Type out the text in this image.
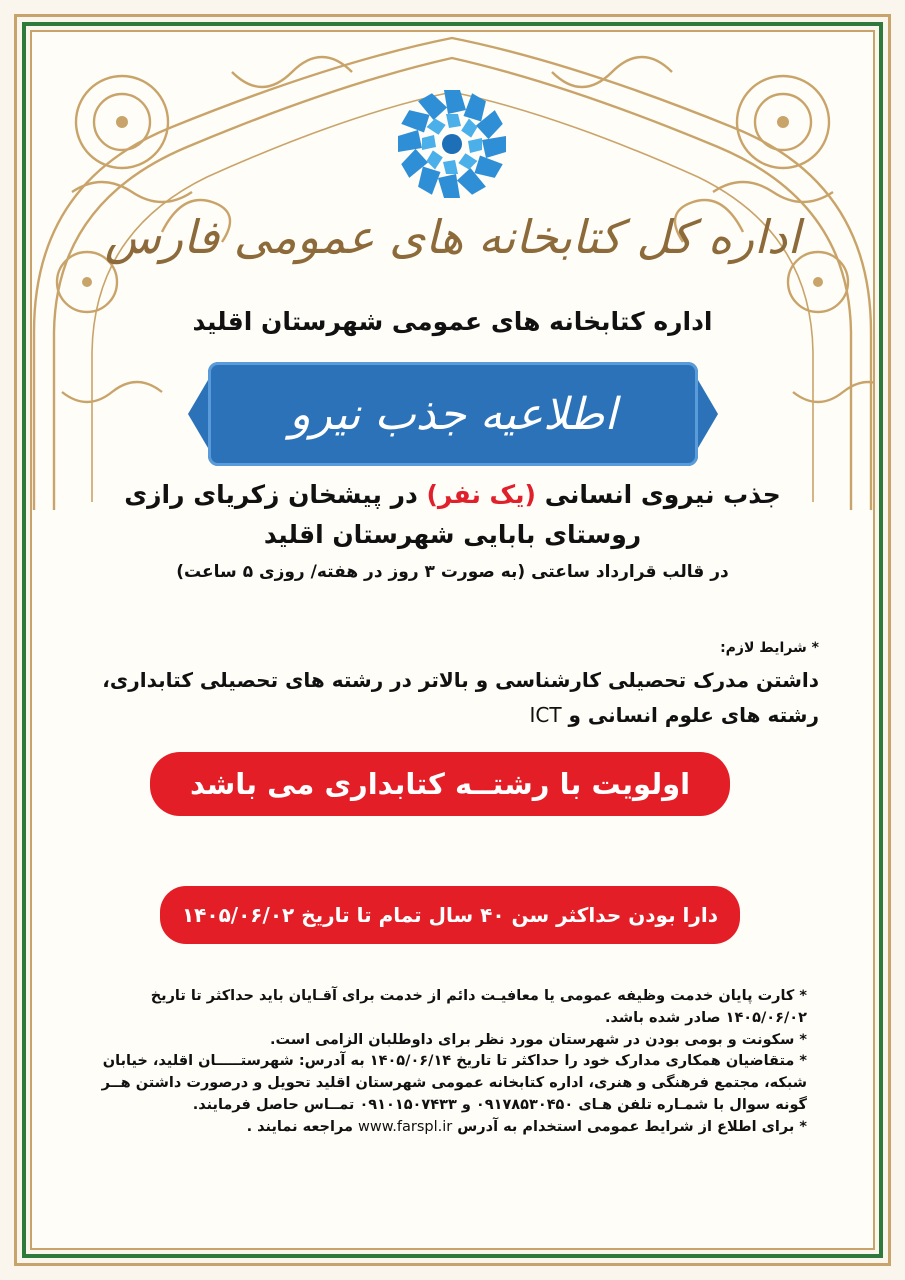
اداره کل کتابخانه های عمومی فارس
اداره کتابخانه های عمومی شهرستان اقلید
اطلاعیه جذب نیرو
جذب نیروی انسانی (یک نفر) در پیشخان زکریای رازی
روستای بابایی شهرستان اقلید
در قالب قرارداد ساعتی (به صورت ۳ روز در هفته/ روزی ۵ ساعت)
* شرایط لازم:
داشتن مدرک تحصیلی کارشناسی و بالاتر در رشته های تحصیلی کتابداری،
رشته های علوم انسانی و ICT
اولویت با رشتــه کتابداری می باشد
دارا بودن حداکثر سن ۴۰ سال تمام تا تاریخ ۱۴۰۵/۰۶/۰۲

* کارت پایان خدمت وظیفه عمومی یا معافیـت دائم از خدمت برای آقـایان باید حداکثر تا تاریخ ۱۴۰۵/۰۶/۰۲ صادر شده باشد.

* سکونت و بومی بودن در شهرستان مورد نظر برای داوطلبان الزامی است.

* متقاضیان همکاری مدارک خود را حداکثر تا تاریخ ۱۴۰۵/۰۶/۱۴ به آدرس: شهرستـــــان اقلید، خیابان شبکه، مجتمع فرهنگی و هنری، اداره کتابخانه عمومی شهرستان اقلید تحویل و درصورت داشتن هــر گونه سوال با شمـاره تلفن هـای ۰۹۱۷۸۵۳۰۴۵۰ و ۰۹۱۰۱۵۰۷۴۳۳ تمــاس حاصل فرمایند.

* برای اطلاع از شرایط عمومی استخدام به آدرس www.farspl.ir مراجعه نمایند .
